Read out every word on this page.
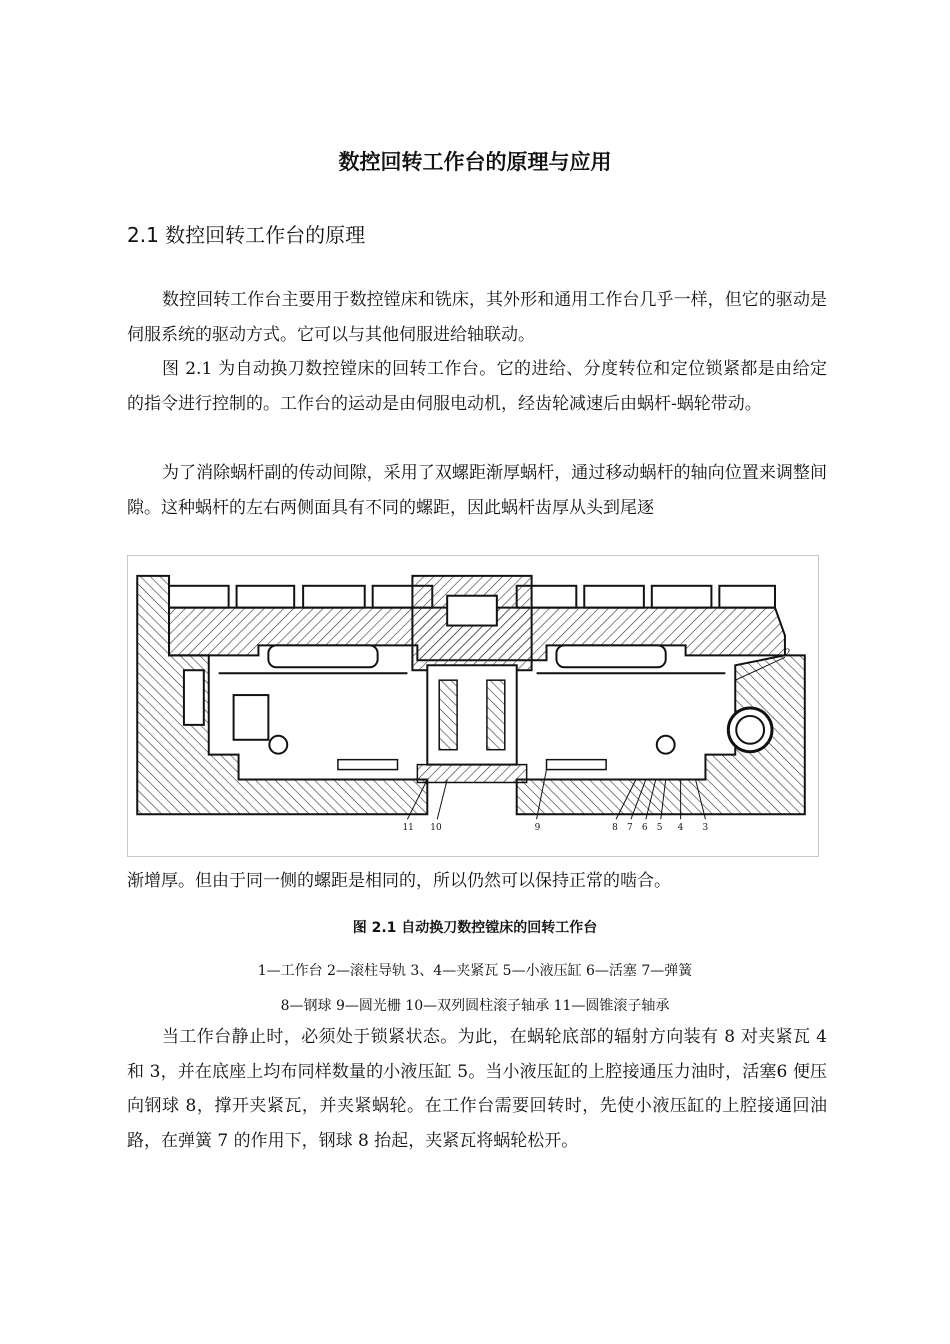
数控回转工作台的原理与应用
2.1 数控回转工作台的原理

数控回转工作台主要用于数控镗床和铣床，其外形和通用工作台几乎一样，但它的驱动是伺服系统的驱动方式。它可以与其他伺服进给轴联动。

图 2.1 为自动换刀数控镗床的回转工作台。它的进给、分度转位和定位锁紧都是由给定的指令进行控制的。工作台的运动是由伺服电动机，经齿轮减速后由蜗杆-蜗轮带动。

为了消除蜗杆副的传动间隙，采用了双螺距渐厚蜗杆，通过移动蜗杆的轴向位置来调整间隙。这种蜗杆的左右两侧面具有不同的螺距，因此蜗杆齿厚从头到尾逐

11 10	9	8 7 6 5 4 3
2

渐增厚。但由于同一侧的螺距是相同的，所以仍然可以保持正常的啮合。

图 2.1 自动换刀数控镗床的回转工作台
1—工作台 2—滚柱导轨 3、4—夹紧瓦 5—小液压缸 6—活塞 7—弹簧
8—钢球 9—圆光栅 10—双列圆柱滚子轴承 11—圆锥滚子轴承

当工作台静止时，必须处于锁紧状态。为此，在蜗轮底部的辐射方向装有 8 对夹紧瓦 4 和 3，并在底座上均布同样数量的小液压缸 5。当小液压缸的上腔接通压力油时，活塞6 便压向钢球 8，撑开夹紧瓦，并夹紧蜗轮。在工作台需要回转时，先使小液压缸的上腔接通回油路，在弹簧 7 的作用下，钢球 8 抬起，夹紧瓦将蜗轮松开。
